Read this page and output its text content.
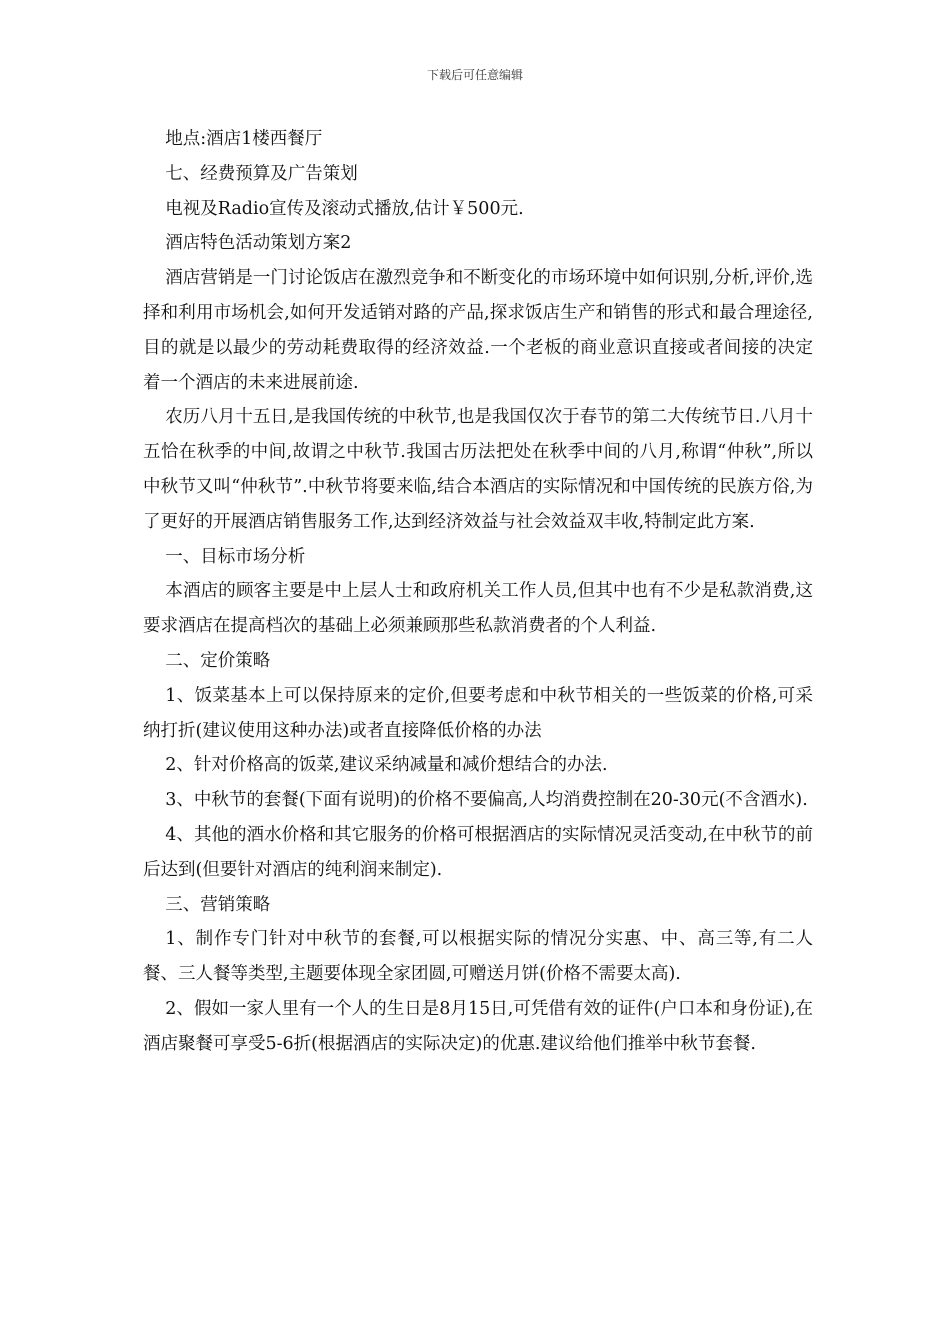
下载后可任意编辑

地点:酒店1楼西餐厅

七、经费预算及广告策划

电视及Radio宣传及滚动式播放,估计￥500元.

酒店特色活动策划方案2

酒店营销是一门讨论饭店在激烈竞争和不断变化的市场环境中如何识别,分析,评价,选择和利用市场机会,如何开发适销对路的产品,探求饭店生产和销售的形式和最合理途径,目的就是以最少的劳动耗费取得的经济效益.一个老板的商业意识直接或者间接的决定着一个酒店的未来进展前途.

农历八月十五日,是我国传统的中秋节,也是我国仅次于春节的第二大传统节日.八月十五恰在秋季的中间,故谓之中秋节.我国古历法把处在秋季中间的八月,称谓“仲秋”,所以中秋节又叫“仲秋节”.中秋节将要来临,结合本酒店的实际情况和中国传统的民族方俗,为了更好的开展酒店销售服务工作,达到经济效益与社会效益双丰收,特制定此方案.

一、目标市场分析

本酒店的顾客主要是中上层人士和政府机关工作人员,但其中也有不少是私款消费,这要求酒店在提高档次的基础上必须兼顾那些私款消费者的个人利益.

二、定价策略

1、饭菜基本上可以保持原来的定价,但要考虑和中秋节相关的一些饭菜的价格,可采纳打折(建议使用这种办法)或者直接降低价格的办法

2、针对价格高的饭菜,建议采纳减量和减价想结合的办法.

3、中秋节的套餐(下面有说明)的价格不要偏高,人均消费控制在20-30元(不含酒水).

4、其他的酒水价格和其它服务的价格可根据酒店的实际情况灵活变动,在中秋节的前后达到(但要针对酒店的纯利润来制定).

三、营销策略

1、制作专门针对中秋节的套餐,可以根据实际的情况分实惠、中、高三等,有二人餐、三人餐等类型,主题要体现全家团圆,可赠送月饼(价格不需要太高).

2、假如一家人里有一个人的生日是8月15日,可凭借有效的证件(户口本和身份证),在酒店聚餐可享受5-6折(根据酒店的实际决定)的优惠.建议给他们推举中秋节套餐.
